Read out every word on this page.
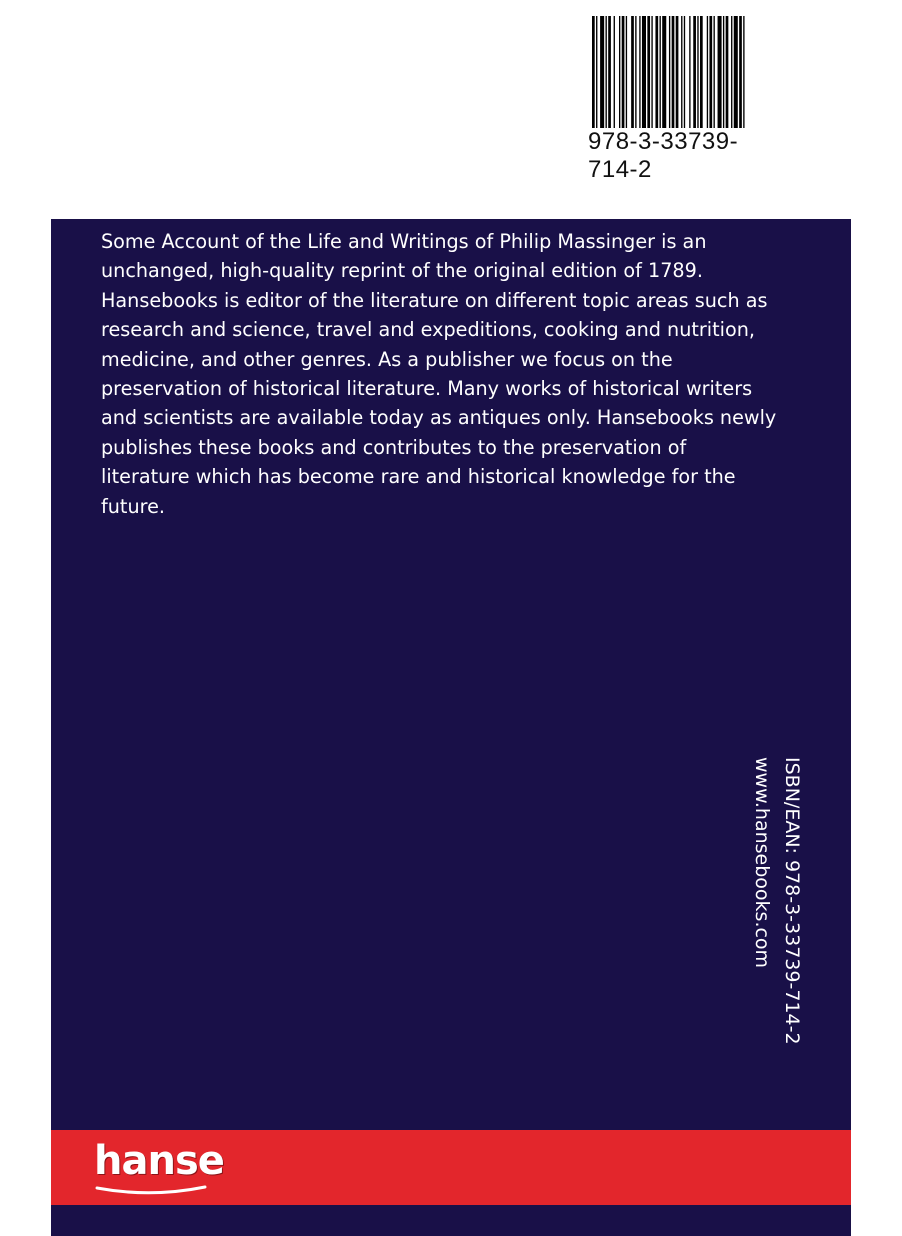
978-3-33739-714-2

Some Account of the Life and Writings of Philip Massinger is an
unchanged, high-quality reprint of the original edition of 1789.
Hansebooks is editor of the literature on different topic areas such as
research and science, travel and expeditions, cooking and nutrition,
medicine, and other genres. As a publisher we focus on the
preservation of historical literature. Many works of historical writers
and scientists are available today as antiques only. Hansebooks newly
publishes these books and contributes to the preservation of
literature which has become rare and historical knowledge for the
future.

ISBN/EAN: 978-3-33739-714-2
www.hansebooks.com
hanse
